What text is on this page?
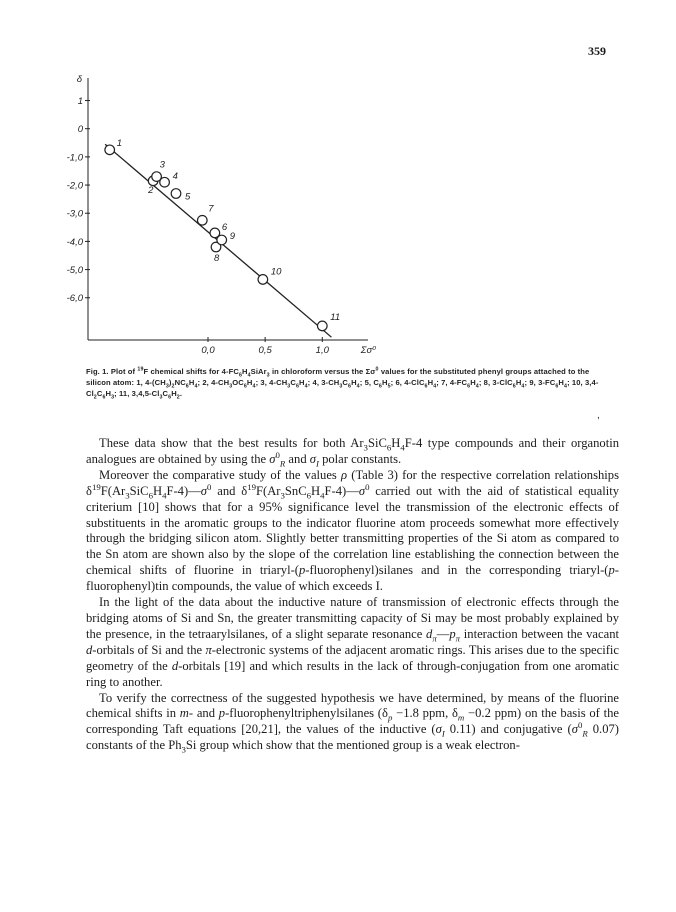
359
1
0
-1,0
-2,0
-3,0
-4,0
-5,0
-6,0
0,0	0,5	1,0
δ
Σσ⁰
1
2
3
4
5
6
7
8
9
10
11
Fig. 1. Plot of $^{19}$F chemical shifts for $4-FC_6H_4SiAr_3$ in chloroform versus the $\Sigma\sigma^0$ values for the substituted phenyl groups attached to the silicon atom: 1, $4-(CH_3)_2NC_6H_4$; 2, $4-CH_3OC_6H_4$; 3, $4-CH_3C_6H_4$; 4, $3-CH_3C_6H_4$; 5, $C_6H_5$; 6, $4-ClC_6H_4$; 7, $4-FC_6H_4$; 8, $3-ClC_6H_4$; 9, $3-FC_6H_4$; 10, $3,4-Cl_2C_6H_3$; 11, $3,4,5-Cl_3C_6H_2$.
,

These data show that the best results for both $Ar_3SiC_6H_4F-4$ type compounds and their organotin analogues are obtained by using the $\sigma^0_R$ and $\sigma_I$ polar constants.

Moreover the comparative study of the values ρ (Table 3) for the respective correlation relationships $\delta^{19}F(Ar_3SiC_6H_4F-4)—\sigma^0$ and $\delta^{19}F(Ar_3SnC_6H_4F-4)—\sigma^0$ carried out with the aid of statistical equality criterium [10] shows that for a 95% significance level the transmission of the electronic effects of substituents in the aromatic groups to the indicator fluorine atom proceeds somewhat more effectively through the bridging silicon atom. Slightly better transmitting properties of the Si atom as compared to the Sn atom are shown also by the slope of the correlation line establishing the connection between the chemical shifts of fluorine in triaryl-(p-fluorophenyl)silanes and in the corresponding triaryl-(p-fluorophenyl)tin compounds, the value of which exceeds I.

In the light of the data about the inductive nature of transmission of electronic effects through the bridging atoms of Si and Sn, the greater transmitting capacity of Si may be most probably explained by the presence, in the tetraarylsilanes, of a slight separate resonance $d_\pi—p_\pi$ interaction between the vacant d-orbitals of Si and the π-electronic systems of the adjacent aromatic rings. This arises due to the specific geometry of the d-orbitals [19] and which results in the lack of through-conjugation from one aromatic ring to another.

To verify the correctness of the suggested hypothesis we have determined, by means of the fluorine chemical shifts in m- and p-fluorophenyltriphenylsilanes ($\delta_p -1.8$ ppm, $\delta_m -0.2$ ppm) on the basis of the corresponding Taft equations [20,21], the values of the inductive ($\sigma_I$ 0.11) and conjugative ($\sigma^0_R$ 0.07) constants of the $Ph_3Si$ group which show that the mentioned group is a weak electron-
